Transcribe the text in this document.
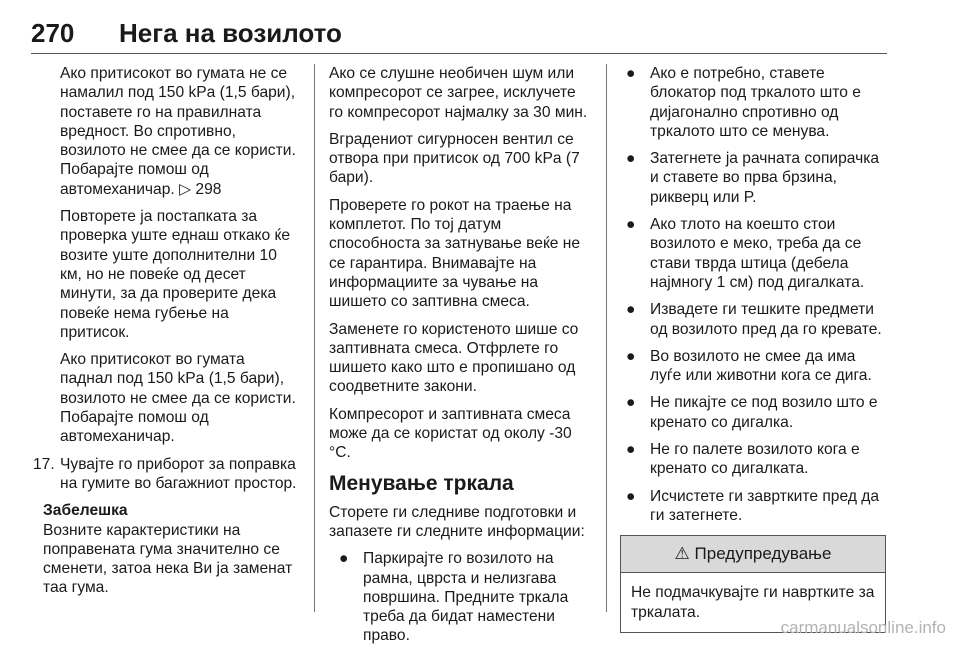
270 Нега на возилото

Ако притисокот во гумата не се намалил под 150 kPa (1,5 бари), поставете го на правилната вредност. Во спротивно, возилото не смее да се користи. Побарајте помош од автомеханичар. ▷ 298

Повторете ја постапката за проверка уште еднаш откако ќе возите уште дополнителни 10 км, но не повеќе од десет минути, за да проверите дека повеќе нема губење на притисок.

Ако притисокот во гумата паднал под 150 kPa (1,5 бари), возилото не смее да се користи. Побарајте помош од автомеханичар.

17. Чувајте го приборот за поправка на гумите во багажниот простор.

Забелешка

Возните карактеристики на поправената гума значително се сменети, затоа нека Ви ја заменат таа гума.

Ако се слушне необичен шум или компресорот се загрее, исклучете го компресорот најмалку за 30 мин.

Вградениот сигурносен вентил се отвора при притисок од 700 kPa (7 бари).

Проверете го рокот на траење на комплетот. По тој датум способноста за затнување веќе не се гарантира. Внимавајте на информациите за чување на шишето со заптивна смеса.

Заменете го користеното шише со заптивната смеса. Отфрлете го шишето како што е пропишано од соодветните закони.

Компресорот и заптивната смеса може да се користат од околу -30 °C.

Менување тркала

Сторете ги следниве подготовки и запазете ги следните информации:

● Паркирајте го возилото на рамна, цврста и нелизгава површина. Предните тркала треба да бидат наместени право.
● Ако е потребно, ставете блокатор под тркалото што е дијагонално спротивно од тркалото што се менува.
● Затегнете ја рачната сопирачка и ставете во прва брзина, рикверц или P.
● Ако тлото на коешто стои возилото е меко, треба да се стави тврда штица (дебела најмногу 1 см) под дигалката.
● Извадете ги тешките предмети од возилото пред да го кревате.
● Во возилото не смее да има луѓе или животни кога се дига.
● Не пикајте се под возило што е кренато со дигалка.
● Не го палете возилото кога е кренато со дигалката.
● Исчистете ги завртките пред да ги затегнете.
⚠ Предупредување
Не подмачкувајте ги навртките за тркалата.
carmanualsonline.info
